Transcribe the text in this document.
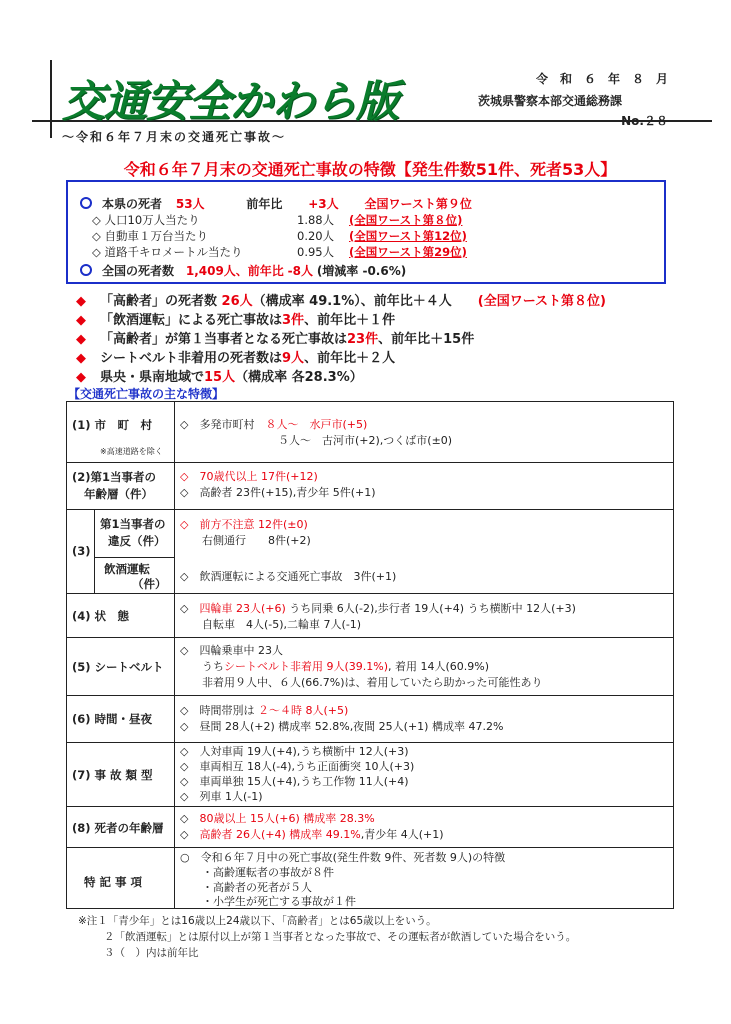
交通安全かわら版
～令和６年７月末の交通死亡事故～
令　和　６　年　８　月
茨城県警察本部交通総務課
No.２８
令和６年７月末の交通死亡事故の特徴【発生件数51件、死者53人】
本県の死者 53人	前年比 +3人 全国ワースト第９位
◇ 人口10万人当たり	1.88人 (全国ワースト第８位)
◇ 自動車１万台当たり	0.20人 (全国ワースト第12位)
◇ 道路千キロメートル当たり	0.95人 (全国ワースト第29位)
全国の死者数 1,409人、前年比 -8人 (増減率 -0.6%)
◆ 「高齢者」の死者数 26人（構成率 49.1%）、前年比＋４人　　(全国ワースト第８位)
◆ 「飲酒運転」による死亡事故は3件、前年比＋１件
◆ 「高齢者」が第１当事者となる死亡事故は23件、前年比＋15件
◆ シートベルト非着用の死者数は9人、前年比＋２人
◆ 県央・県南地域で15人（構成率 各28.3%）
【交通死亡事故の主な特徴】
(1) 市　町　村
※高速道路を除く
◇　多発市町村　８人～　水戸市(+5)
５人～　古河市(+2),つくば市(±0)
(2)第1当事者の
年齢層（件）
◇　70歳代以上 17件(+12)
◇　高齢者 23件(+15),青少年 5件(+1)
(3)
第1当事者の
違反（件）
◇　前方不注意 12件(±0)
右側通行　　8件(+2)
飲酒運転
（件）
◇　飲酒運転による交通死亡事故　3件(+1)
(4) 状　態
◇　四輪車 23人(+6) うち同乗 6人(-2),歩行者 19人(+4) うち横断中 12人(+3)
自転車　4人(-5),二輪車 7人(-1)
(5) シートベルト
◇　四輪乗車中 23人
うちシートベルト非着用 9人(39.1%), 着用 14人(60.9%)
非着用９人中、６人(66.7%)は、着用していたら助かった可能性あり
(6) 時間・昼夜
◇　時間帯別は ２～４時 8人(+5)
◇　昼間 28人(+2) 構成率 52.8%,夜間 25人(+1) 構成率 47.2%
(7) 事 故 類 型
◇　人対車両 19人(+4),うち横断中 12人(+3)
◇　車両相互 18人(-4),うち正面衝突 10人(+3)
◇　車両単独 15人(+4),うち工作物 11人(+4)
◇　列車 1人(-1)
(8) 死者の年齢層
◇　80歳以上 15人(+6) 構成率 28.3%
◇　高齢者 26人(+4) 構成率 49.1%,青少年 4人(+1)
特 記 事 項
○　令和６年７月中の死亡事故(発生件数 9件、死者数 9人)の特徴
・高齢運転者の事故が８件
・高齢者の死者が５人
・小学生が死亡する事故が１件
※注１「青少年」とは16歳以上24歳以下、「高齢者」とは65歳以上をいう。
２「飲酒運転」とは原付以上が第１当事者となった事故で、その運転者が飲酒していた場合をいう。
３（　）内は前年比
